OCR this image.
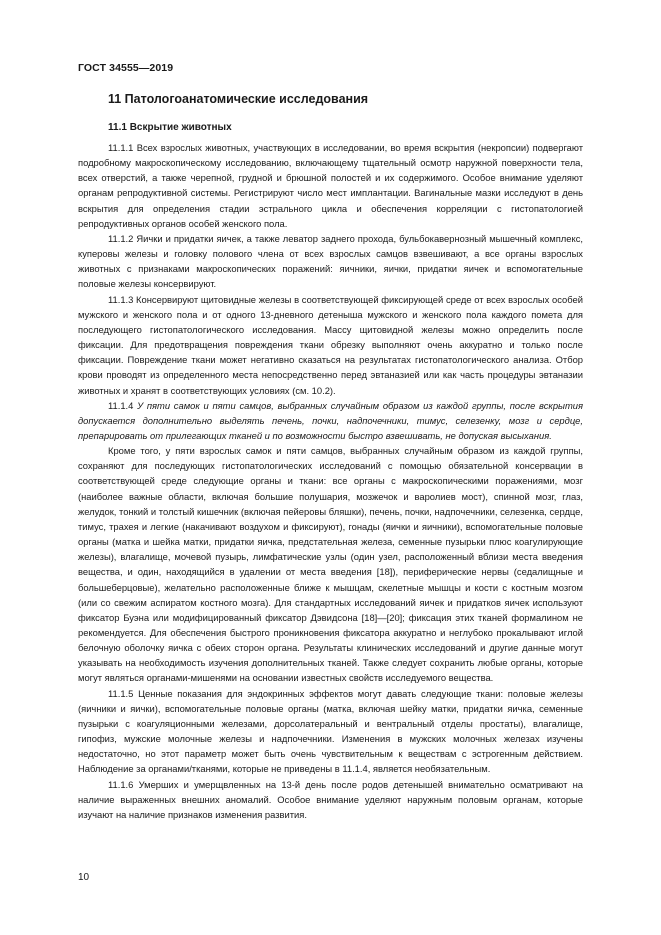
ГОСТ 34555—2019
11 Патологоанатомические исследования
11.1 Вскрытие животных

11.1.1 Всех взрослых животных, участвующих в исследовании, во время вскрытия (некропсии) подвергают подробному макроскопическому исследованию, включающему тщательный осмотр наружной поверхности тела, всех отверстий, а также черепной, грудной и брюшной полостей и их содержимого. Особое внимание уделяют органам репродуктивной системы. Регистрируют число мест имплантации. Вагинальные мазки исследуют в день вскрытия для определения стадии эстрального цикла и обеспечения корреляции с гистопатологией репродуктивных органов особей женского пола.

11.1.2 Яички и придатки яичек, а также леватор заднего прохода, бульбокавернозный мышечный комплекс, куперовы железы и головку полового члена от всех взрослых самцов взвешивают, а все органы взрослых животных с признаками макроскопических поражений: яичники, яички, придатки яичек и вспомогательные половые железы консервируют.

11.1.3 Консервируют щитовидные железы в соответствующей фиксирующей среде от всех взрослых особей мужского и женского пола и от одного 13-дневного детеныша мужского и женского пола каждого помета для последующего гистопатологического исследования. Массу щитовидной железы можно определить после фиксации. Для предотвращения повреждения ткани обрезку выполняют очень аккуратно и только после фиксации. Повреждение ткани может негативно сказаться на результатах гистопатологического анализа. Отбор крови проводят из определенного места непосредственно перед эвтаназией или как часть процедуры эвтаназии животных и хранят в соответствующих условиях (см. 10.2).

11.1.4 У пяти самок и пяти самцов, выбранных случайным образом из каждой группы, после вскрытия допускается дополнительно выделять печень, почки, надпочечники, тимус, селезенку, мозг и сердце, препарировать от прилегающих тканей и по возможности быстро взвешивать, не допуская высыхания.

Кроме того, у пяти взрослых самок и пяти самцов, выбранных случайным образом из каждой группы, сохраняют для последующих гистопатологических исследований с помощью обязательной консервации в соответствующей среде следующие органы и ткани: все органы с макроскопическими поражениями, мозг (наиболее важные области, включая большие полушария, мозжечок и варолиев мост), спинной мозг, глаз, желудок, тонкий и толстый кишечник (включая пейеровы бляшки), печень, почки, надпочечники, селезенка, сердце, тимус, трахея и легкие (накачивают воздухом и фиксируют), гонады (яички и яичники), вспомогательные половые органы (матка и шейка матки, придатки яичка, предстательная железа, семенные пузырьки плюс коагулирующие железы), влагалище, мочевой пузырь, лимфатические узлы (один узел, расположенный вблизи места введения вещества, и один, находящийся в удалении от места введения [18]), периферические нервы (седалищные и большеберцовые), желательно расположенные ближе к мышцам, скелетные мышцы и кости с костным мозгом (или со свежим аспиратом костного мозга). Для стандартных исследований яичек и придатков яичек используют фиксатор Буэна или модифицированный фиксатор Дэвидсона [18]—[20]; фиксация этих тканей формалином не рекомендуется. Для обеспечения быстрого проникновения фиксатора аккуратно и неглубоко прокалывают иглой белочную оболочку яичка с обеих сторон органа. Результаты клинических исследований и другие данные могут указывать на необходимость изучения дополнительных тканей. Также следует сохранить любые органы, которые могут являться органами-мишенями на основании известных свойств исследуемого вещества.

11.1.5 Ценные показания для эндокринных эффектов могут давать следующие ткани: половые железы (яичники и яички), вспомогательные половые органы (матка, включая шейку матки, придатки яичка, семенные пузырьки с коагуляционными железами, дорсолатеральный и вентральный отделы простаты), влагалище, гипофиз, мужские молочные железы и надпочечники. Изменения в мужских молочных железах изучены недостаточно, но этот параметр может быть очень чувствительным к веществам с эстрогенным действием. Наблюдение за органами/тканями, которые не приведены в 11.1.4, является необязательным.

11.1.6 Умерших и умерщвленных на 13-й день после родов детенышей внимательно осматривают на наличие выраженных внешних аномалий. Особое внимание уделяют наружным половым органам, которые изучают на наличие признаков изменения развития.

10
